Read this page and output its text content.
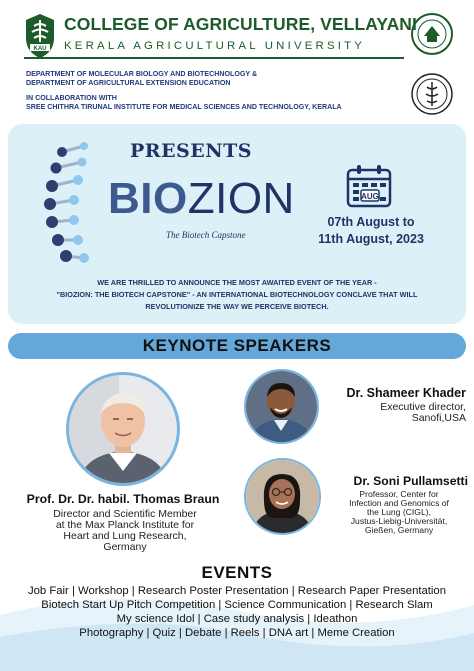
KAU
COLLEGE OF AGRICULTURE, VELLAYANI
KERALA AGRICULTURAL UNIVERSITY
DEPARTMENT OF MOLECULAR BIOLOGY AND BIOTECHNOLOGY &
DEPARTMENT OF AGRICULTURAL EXTENSION EDUCATION
IN COLLABORATION WITH
SREE CHITHRA TIRUNAL INSTITUTE FOR MEDICAL SCIENCES AND TECHNOLOGY, KERALA
PRESENTS
BIOZION
The Biotech Capstone
AUG
07th August to
11th August, 2023
WE ARE THRILLED TO ANNOUNCE THE MOST AWAITED EVENT OF THE YEAR -
"BIOZION: THE BIOTECH CAPSTONE" - AN INTERNATIONAL BIOTECHNOLOGY CONCLAVE THAT WILL
REVOLUTIONIZE THE WAY WE PERCEIVE BIOTECH.
KEYNOTE SPEAKERS
Prof. Dr. Dr. habil. Thomas Braun
Director and Scientific Member
at the Max Planck Institute for
Heart and Lung Research,
Germany
Dr. Shameer Khader
Executive director,
Sanofi,USA
Dr. Soni Pullamsetti
Professor, Center for
Infection and Genomics of
the Lung (CIGL),
Justus-Liebig-Universität,
Gießen, Germany
EVENTS
Job Fair | Workshop | Research Poster Presentation | Research Paper Presentation
Biotech Start Up Pitch Competition | Science Communication | Research Slam
My science Idol | Case study analysis | Ideathon
Photography | Quiz | Debate | Reels | DNA art | Meme Creation
